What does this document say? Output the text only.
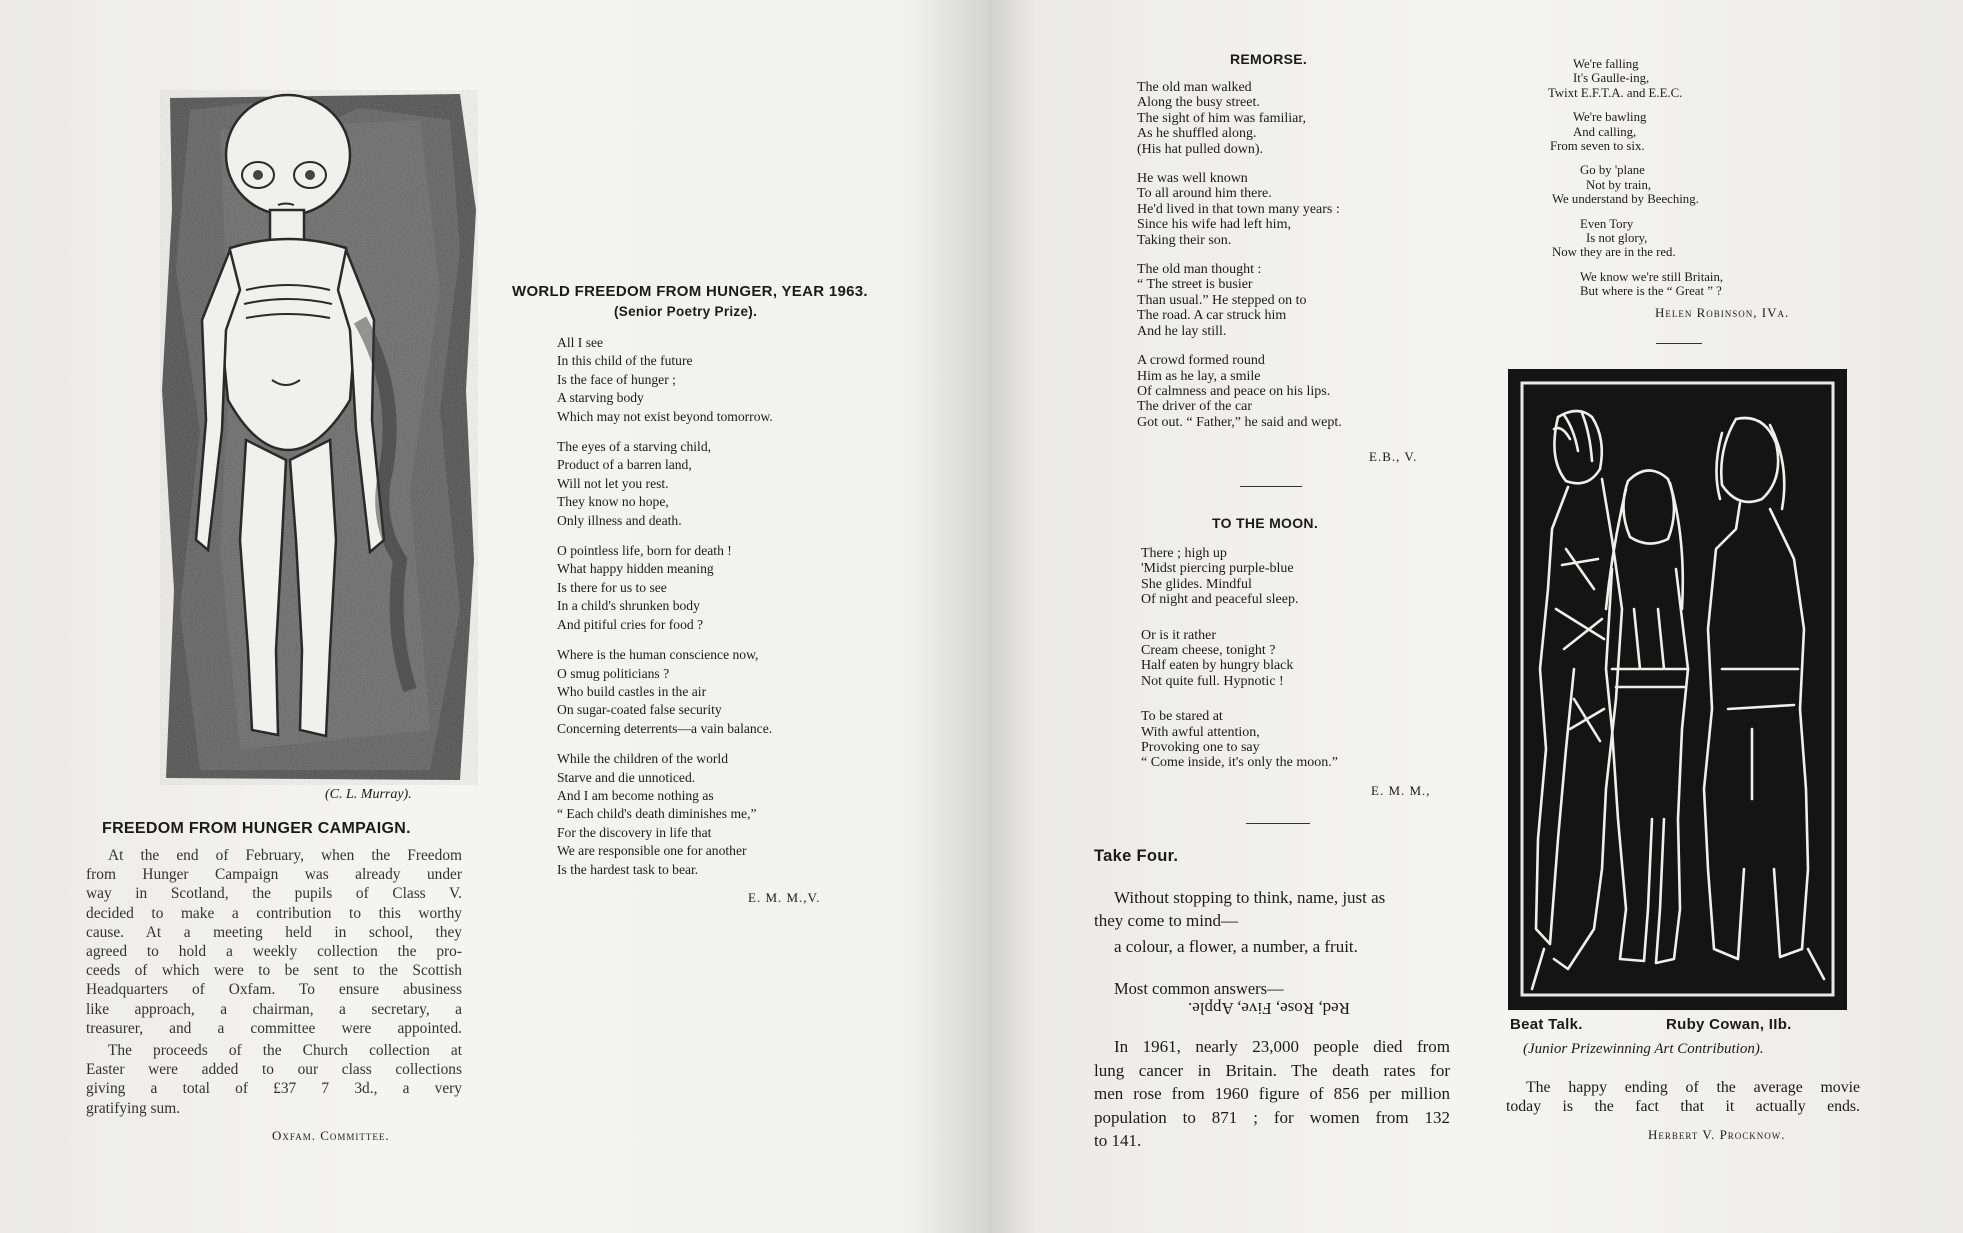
(C. L. Murray).
FREEDOM FROM HUNGER CAMPAIGN.
At the end of February, when the Freedom
from Hunger Campaign was already under
way in Scotland, the pupils of Class V.
decided to make a contribution to this worthy
cause. At a meeting held in school, they
agreed to hold a weekly collection the pro-
ceeds of which were to be sent to the Scottish
Headquarters of Oxfam. To ensure abusiness
like approach, a chairman, a secretary, a
treasurer, and a committee were appointed.
The proceeds of the Church collection at
Easter were added to our class collections
giving a total of £37 7 3d., a very
gratifying sum.
Oxfam. Committee.
WORLD FREEDOM FROM HUNGER, YEAR 1963.
(Senior Poetry Prize).
All I see
In this child of the future
Is the face of hunger ;
A starving body
Which may not exist beyond tomorrow.
The eyes of a starving child,
Product of a barren land,
Will not let you rest.
They know no hope,
Only illness and death.
O pointless life, born for death !
What happy hidden meaning
Is there for us to see
In a child's shrunken body
And pitiful cries for food ?
Where is the human conscience now,
O smug politicians ?
Who build castles in the air
On sugar-coated false security
Concerning deterrents—a vain balance.
While the children of the world
Starve and die unnoticed.
And I am become nothing as
“ Each child's death diminishes me,”
For the discovery in life that
We are responsible one for another
Is the hardest task to bear.
E. M. M.,V.
REMORSE.
The old man walked
Along the busy street.
The sight of him was familiar,
As he shuffled along.
(His hat pulled down).
He was well known
To all around him there.
He'd lived in that town many years :
Since his wife had left him,
Taking their son.
The old man thought :
“ The street is busier
Than usual.” He stepped on to
The road. A car struck him
And he lay still.
A crowd formed round
Him as he lay, a smile
Of calmness and peace on his lips.
The driver of the car
Got out. “ Father,” he said and wept.
E.B., V.
TO THE MOON.
There ; high up
'Midst piercing purple-blue
She glides. Mindful
Of night and peaceful sleep.
Or is it rather
Cream cheese, tonight ?
Half eaten by hungry black
Not quite full. Hypnotic !
To be stared at
With awful attention,
Provoking one to say
“ Come inside, it's only the moon.”
E. M. M.,
Take Four.
Without stopping to think, name, just as
they come to mind—
a colour, a flower, a number, a fruit.
Most common answers—
Red, Rose, Five, Apple.
In 1961, nearly 23,000 people died from
lung cancer in Britain. The death rates for
men rose from 1960 figure of 856 per million
population to 871 ; for women from 132
to 141.
We're falling
It's Gaulle-ing,
Twixt E.F.T.A. and E.E.C.
We're bawling
And calling,
From seven to six.
Go by 'plane
Not by train,
We understand by Beeching.
Even Tory
Is not glory,
Now they are in the red.
We know we're still Britain,
But where is the “ Great ” ?
Helen Robinson, IVa.
Beat Talk.	Ruby Cowan, IIb.
(Junior Prizewinning Art Contribution).
The happy ending of the average movie
today is the fact that it actually ends.
Herbert V. Procknow.
